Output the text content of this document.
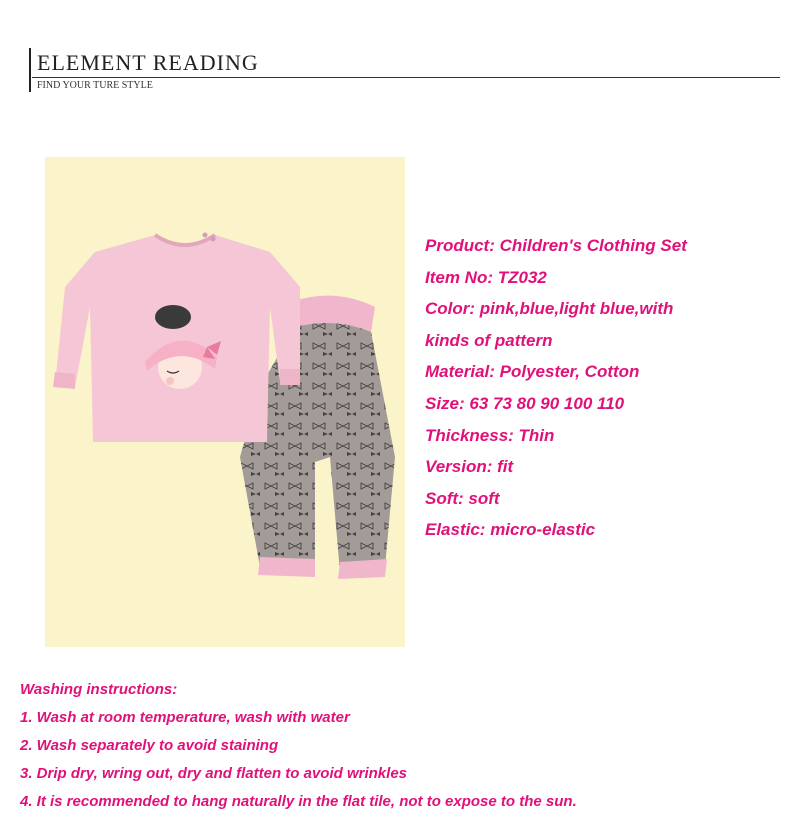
ELEMENT READING
FIND YOUR TURE STYLE
Product: Children's Clothing Set
Item No: TZ032
Color: pink,blue,light blue,with
kinds of pattern
Material: Polyester, Cotton
Size: 63 73 80 90 100 110
Thickness: Thin
Version: fit
Soft: soft
Elastic: micro-elastic
Washing instructions:
1. Wash at room temperature, wash with water
2. Wash separately to avoid staining
3. Drip dry, wring out, dry and flatten to avoid wrinkles
4. It is recommended to hang naturally in the flat tile, not to expose to the sun.
